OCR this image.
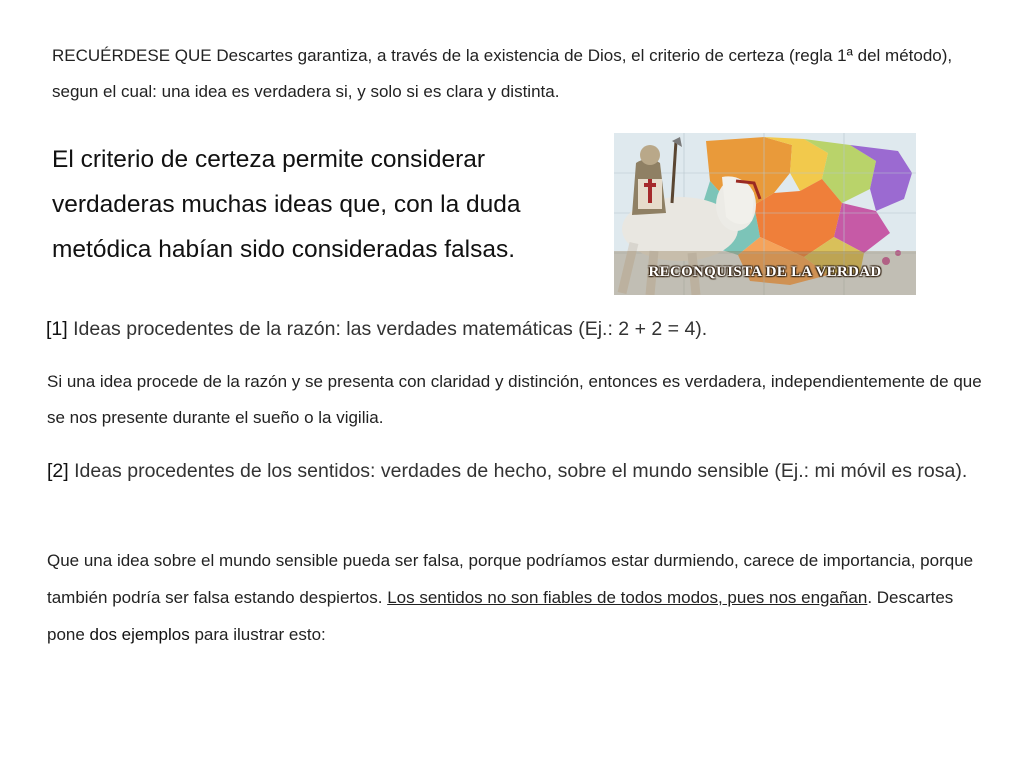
RECUÉRDESE QUE Descartes garantiza, a través de la existencia de Dios, el criterio de certeza (regla 1ª del método), segun el cual: una idea es verdadera si, y solo si es clara y distinta.

El criterio de certeza permite considerar verdaderas muchas ideas que, con la duda metódica habían sido consideradas falsas.

RECONQUISTA DE LA VERDAD

[1] Ideas procedentes de la razón: las verdades matemáticas (Ej.: 2 + 2 = 4).

Si una idea procede de la razón y se presenta con claridad y distinción, entonces es verdadera, independientemente de que se nos presente durante el sueño o la vigilia.

[2] Ideas procedentes de los sentidos: verdades de hecho, sobre el mundo sensible (Ej.: mi móvil es rosa).

Que una idea sobre el mundo sensible pueda ser falsa, porque podríamos estar durmiendo, carece de importancia, porque también podría ser falsa estando despiertos. Los sentidos no son fiables de todos modos, pues nos engañan. Descartes pone dos ejemplos para ilustrar esto:
